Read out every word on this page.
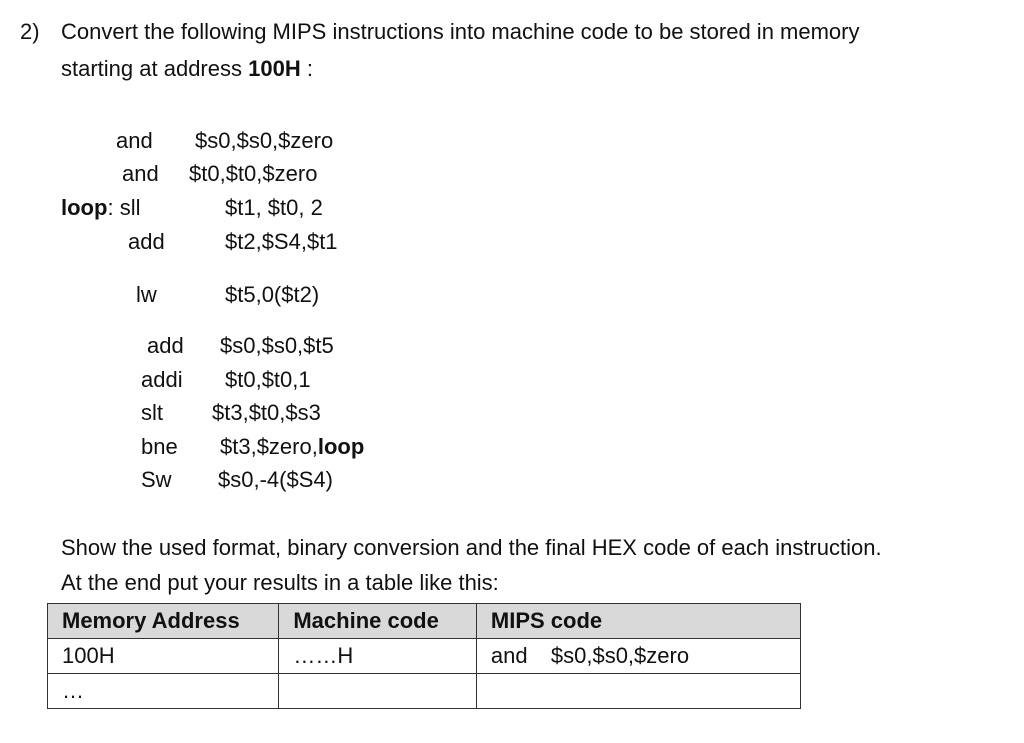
2) Convert the following MIPS instructions into machine code to be stored in memory
starting at address 100H :
and $s0,$s0,$zero
and $t0,$t0,$zero
loop: sll	$t1, $t0, 2
add	$t2,$S4,$t1
lw	$t5,0($t2)
add $s0,$s0,$t5
addi $t0,$t0,1
slt $t3,$t0,$s3
bne $t3,$zero,loop
Sw $s0,-4($S4)
Show the used format, binary conversion and the final HEX code of each instruction.
At the end put your results in a table like this:
Memory Address	Machine code	MIPS code
100H	……H	and $s0,$s0,$zero
…		
